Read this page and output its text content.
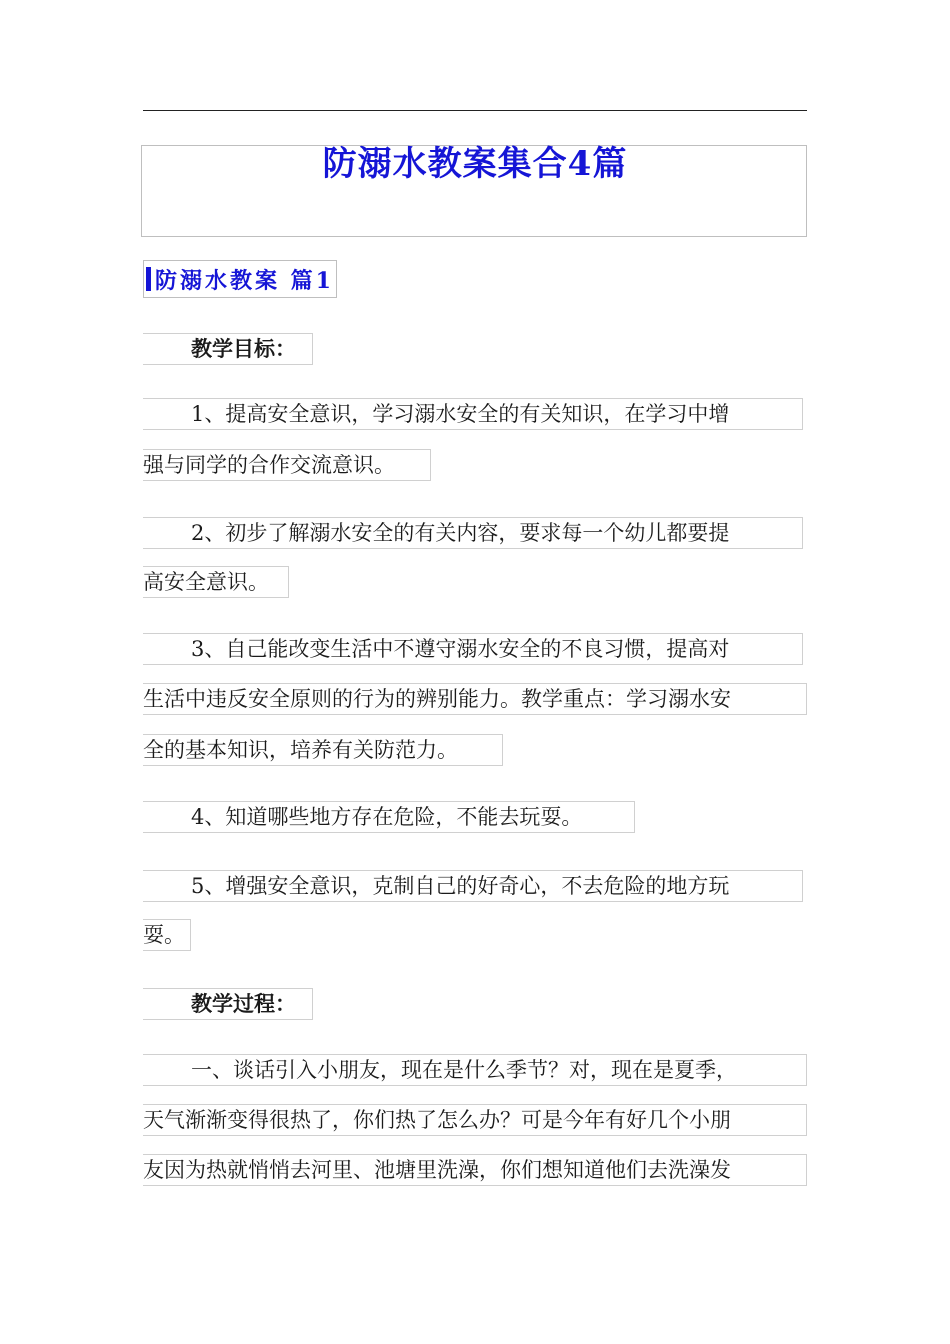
防溺水教案集合4篇
防溺水教案 篇1
教学目标：
1、提高安全意识，学习溺水安全的有关知识，在学习中增
强与同学的合作交流意识。
2、初步了解溺水安全的有关内容，要求每一个幼儿都要提
高安全意识。
3、自己能改变生活中不遵守溺水安全的不良习惯，提高对
生活中违反安全原则的行为的辨别能力。教学重点：学习溺水安
全的基本知识，培养有关防范力。
4、知道哪些地方存在危险，不能去玩耍。
5、增强安全意识，克制自己的好奇心，不去危险的地方玩
耍。
教学过程：
一、谈话引入小朋友，现在是什么季节？对，现在是夏季，
天气渐渐变得很热了，你们热了怎么办？可是今年有好几个小朋
友因为热就悄悄去河里、池塘里洗澡，你们想知道他们去洗澡发
